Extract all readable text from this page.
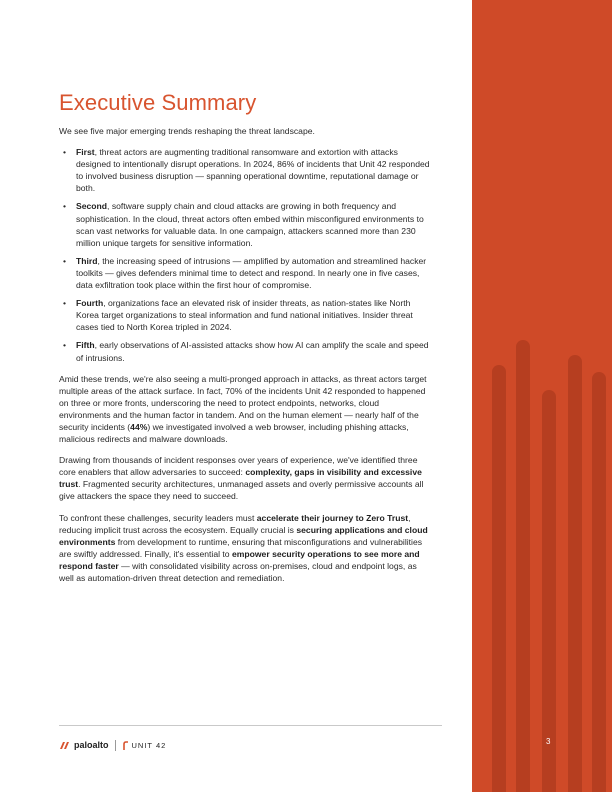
3
Executive Summary

We see five major emerging trends reshaping the threat landscape.

• First, threat actors are augmenting traditional ransomware and extortion with attacks designed to intentionally disrupt operations. In 2024, 86% of incidents that Unit 42 responded to involved business disruption — spanning operational downtime, reputational damage or both.
• Second, software supply chain and cloud attacks are growing in both frequency and sophistication. In the cloud, threat actors often embed within misconfigured environments to scan vast networks for valuable data. In one campaign, attackers scanned more than 230 million unique targets for sensitive information.
• Third, the increasing speed of intrusions — amplified by automation and streamlined hacker toolkits — gives defenders minimal time to detect and respond. In nearly one in five cases, data exfiltration took place within the first hour of compromise.
• Fourth, organizations face an elevated risk of insider threats, as nation-states like North Korea target organizations to steal information and fund national initiatives. Insider threat cases tied to North Korea tripled in 2024.
• Fifth, early observations of AI-assisted attacks show how AI can amplify the scale and speed of intrusions.

Amid these trends, we're also seeing a multi-pronged approach in attacks, as threat actors target multiple areas of the attack surface. In fact, 70% of the incidents Unit 42 responded to happened on three or more fronts, underscoring the need to protect endpoints, networks, cloud environments and the human factor in tandem. And on the human element — nearly half of the security incidents (44%) we investigated involved a web browser, including phishing attacks, malicious redirects and malware downloads.

Drawing from thousands of incident responses over years of experience, we've identified three core enablers that allow adversaries to succeed: complexity, gaps in visibility and excessive trust. Fragmented security architectures, unmanaged assets and overly permissive accounts all give attackers the space they need to succeed.

To confront these challenges, security leaders must accelerate their journey to Zero Trust, reducing implicit trust across the ecosystem. Equally crucial is securing applications and cloud environments from development to runtime, ensuring that misconfigurations and vulnerabilities are swiftly addressed. Finally, it's essential to empower security operations to see more and respond faster — with consolidated visibility across on-premises, cloud and endpoint logs, as well as automation-driven threat detection and remediation.

paloalto	UNIT 42
